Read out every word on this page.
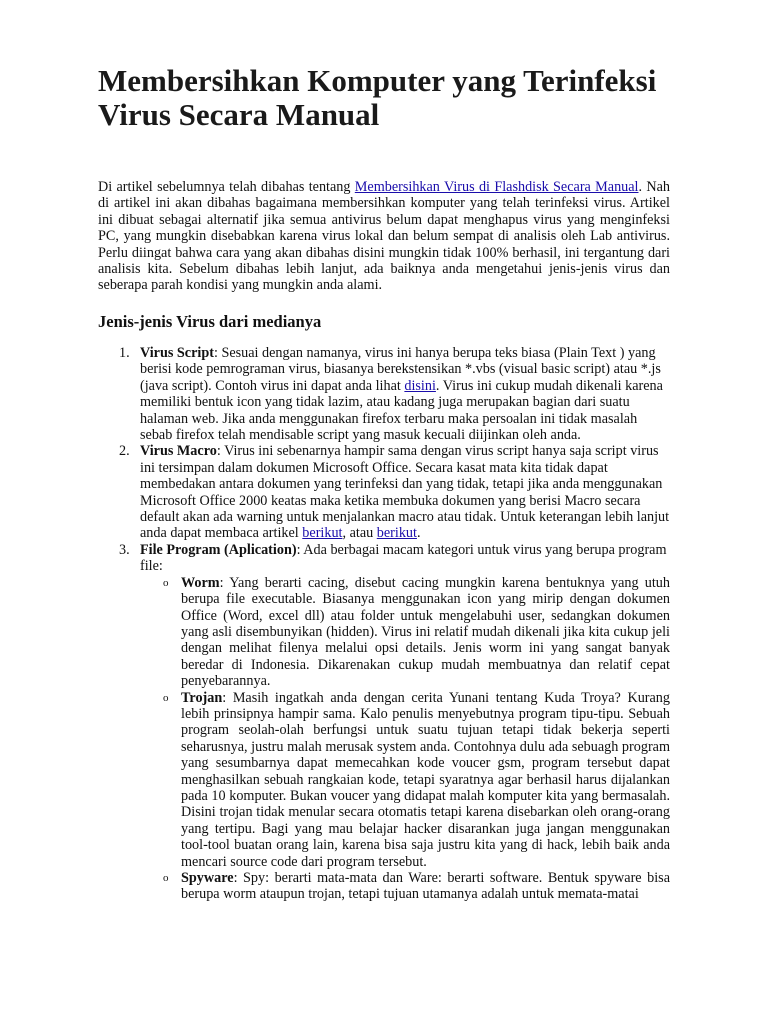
Membersihkan Komputer yang Terinfeksi Virus Secara Manual

Di artikel sebelumnya telah dibahas tentang Membersihkan Virus di Flashdisk Secara Manual. Nah di artikel ini akan dibahas bagaimana membersihkan komputer yang telah terinfeksi virus. Artikel ini dibuat sebagai alternatif jika semua antivirus belum dapat menghapus virus yang menginfeksi PC, yang mungkin disebabkan karena virus lokal dan belum sempat di analisis oleh Lab antivirus. Perlu diingat bahwa cara yang akan dibahas disini mungkin tidak 100% berhasil, ini tergantung dari analisis kita. Sebelum dibahas lebih lanjut, ada baiknya anda mengetahui jenis-jenis virus dan seberapa parah kondisi yang mungkin anda alami.

Jenis-jenis Virus dari medianya
1. Virus Script: Sesuai dengan namanya, virus ini hanya berupa teks biasa (Plain Text ) yang berisi kode pemrograman virus, biasanya berekstensikan *.vbs (visual basic script) atau *.js (java script). Contoh virus ini dapat anda lihat disini. Virus ini cukup mudah dikenali karena memiliki bentuk icon yang tidak lazim, atau kadang juga merupakan bagian dari suatu halaman web. Jika anda menggunakan firefox terbaru maka persoalan ini tidak masalah sebab firefox telah mendisable script yang masuk kecuali diijinkan oleh anda.
2. Virus Macro: Virus ini sebenarnya hampir sama dengan virus script hanya saja script virus ini tersimpan dalam dokumen Microsoft Office. Secara kasat mata kita tidak dapat membedakan antara dokumen yang terinfeksi dan yang tidak, tetapi jika anda menggunakan Microsoft Office 2000 keatas maka ketika membuka dokumen yang berisi Macro secara default akan ada warning untuk menjalankan macro atau tidak. Untuk keterangan lebih lanjut anda dapat membaca artikel berikut, atau berikut.
3. File Program (Aplication): Ada berbagai macam kategori untuk virus yang berupa program file:
o Worm: Yang berarti cacing, disebut cacing mungkin karena bentuknya yang utuh berupa file executable. Biasanya menggunakan icon yang mirip dengan dokumen Office (Word, excel dll) atau folder untuk mengelabuhi user, sedangkan dokumen yang asli disembunyikan (hidden). Virus ini relatif mudah dikenali jika kita cukup jeli dengan melihat filenya melalui opsi details. Jenis worm ini yang sangat banyak beredar di Indonesia. Dikarenakan cukup mudah membuatnya dan relatif cepat penyebarannya.
o Trojan: Masih ingatkah anda dengan cerita Yunani tentang Kuda Troya? Kurang lebih prinsipnya hampir sama. Kalo penulis menyebutnya program tipu-tipu. Sebuah program seolah-olah berfungsi untuk suatu tujuan tetapi tidak bekerja seperti seharusnya, justru malah merusak system anda. Contohnya dulu ada sebuagh program yang sesumbarnya dapat memecahkan kode voucer gsm, program tersebut dapat menghasilkan sebuah rangkaian kode, tetapi syaratnya agar berhasil harus dijalankan pada 10 komputer. Bukan voucer yang didapat malah komputer kita yang bermasalah. Disini trojan tidak menular secara otomatis tetapi karena disebarkan oleh orang-orang yang tertipu. Bagi yang mau belajar hacker disarankan juga jangan menggunakan tool-tool buatan orang lain, karena bisa saja justru kita yang di hack, lebih baik anda mencari source code dari program tersebut.
o Spyware: Spy: berarti mata-mata dan Ware: berarti software. Bentuk spyware bisa berupa worm ataupun trojan, tetapi tujuan utamanya adalah untuk memata-matai
